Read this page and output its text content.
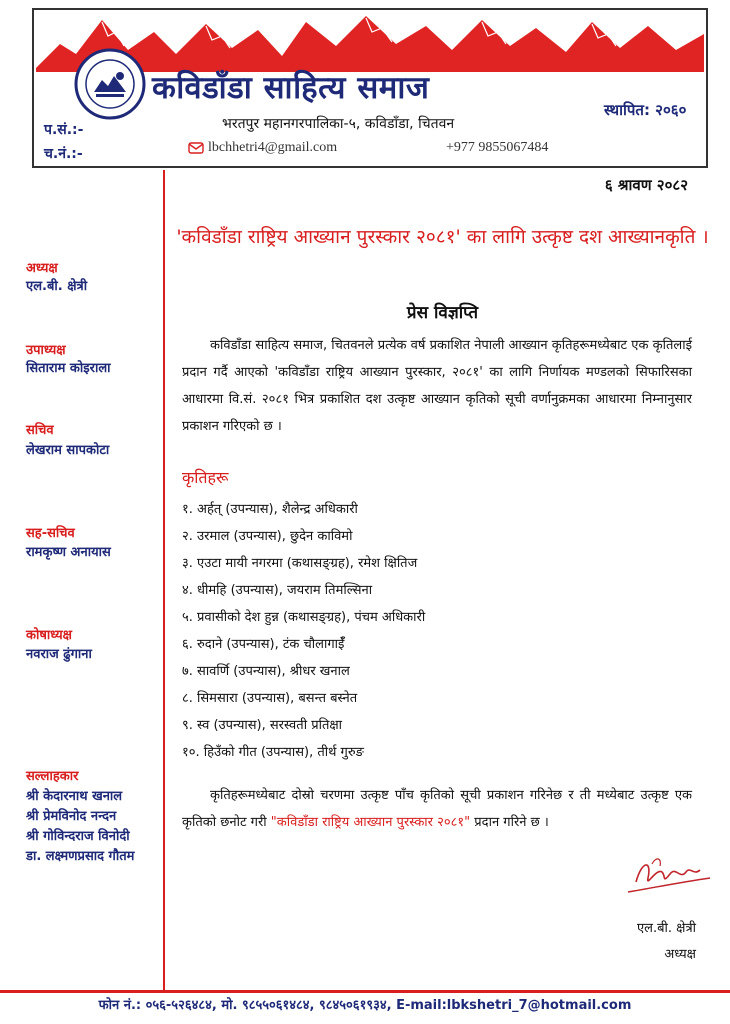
कविडाँडा साहित्य समाज
स्थापित: २०६०
भरतपुर महानगरपालिका-५, कविडाँडा, चितवन
प.सं.:-
च.नं.:-	lbchhetri4@gmail.com	+977 9855067484
अध्यक्ष
एल.बी. क्षेत्री
उपाध्यक्ष
सिताराम कोइराला
सचिव
लेखराम सापकोटा
सह-सचिव
रामकृष्ण अनायास
कोषाध्यक्ष
नवराज ढुंगाना
सल्लाहकार
श्री केदारनाथ खनाल
श्री प्रेमविनोद नन्दन
श्री गोविन्दराज विनोदी
डा. लक्ष्मणप्रसाद गौतम
६ श्रावण २०८२
'कविडाँडा राष्ट्रिय आख्यान पुरस्कार २०८१' का लागि उत्कृष्ट दश आख्यानकृति ।
प्रेस विज्ञप्ति
कविडाँडा साहित्य समाज, चितवनले प्रत्येक वर्ष प्रकाशित नेपाली आख्यान कृतिहरूमध्येबाट एक कृतिलाई प्रदान गर्दै आएको 'कविडाँडा राष्ट्रिय आख्यान पुरस्कार, २०८१' का लागि निर्णायक मण्डलको सिफारिसका आधारमा वि.सं. २०८१ भित्र प्रकाशित दश उत्कृष्ट आख्यान कृतिको सूची वर्णानुक्रमका आधारमा निम्नानुसार प्रकाशन गरिएको छ ।
कृतिहरू
१. अर्हत् (उपन्यास), शैलेन्द्र अधिकारी
२. उरमाल (उपन्यास), छुदेन काविमो
३. एउटा मायी नगरमा (कथासङ्ग्रह), रमेश क्षितिज
४. धीमहि (उपन्यास), जयराम तिमल्सिना
५. प्रवासीको देश हुन्न (कथासङ्ग्रह), पंचम अधिकारी
६. रुदाने (उपन्यास), टंक चौलागाईँ
७. सावर्णि (उपन्यास), श्रीधर खनाल
८. सिमसारा (उपन्यास), बसन्त बस्नेत
९. स्व (उपन्यास), सरस्वती प्रतिक्षा
१०. हिउँको गीत (उपन्यास), तीर्थ गुरुङ
कृतिहरूमध्येबाट दोस्रो चरणमा उत्कृष्ट पाँच कृतिको सूची प्रकाशन गरिनेछ र ती मध्येबाट उत्कृष्ट एक कृतिको छनोट गरी "कविडाँडा राष्ट्रिय आख्यान पुरस्कार २०८१" प्रदान गरिने छ ।
एल.बी. क्षेत्री
अध्यक्ष
फोन नं.: ०५६-५२६४८४, मो. ९८५५०६१४८४, ९८४५०६१९३४, E-mail:lbkshetri_7@hotmail.com
